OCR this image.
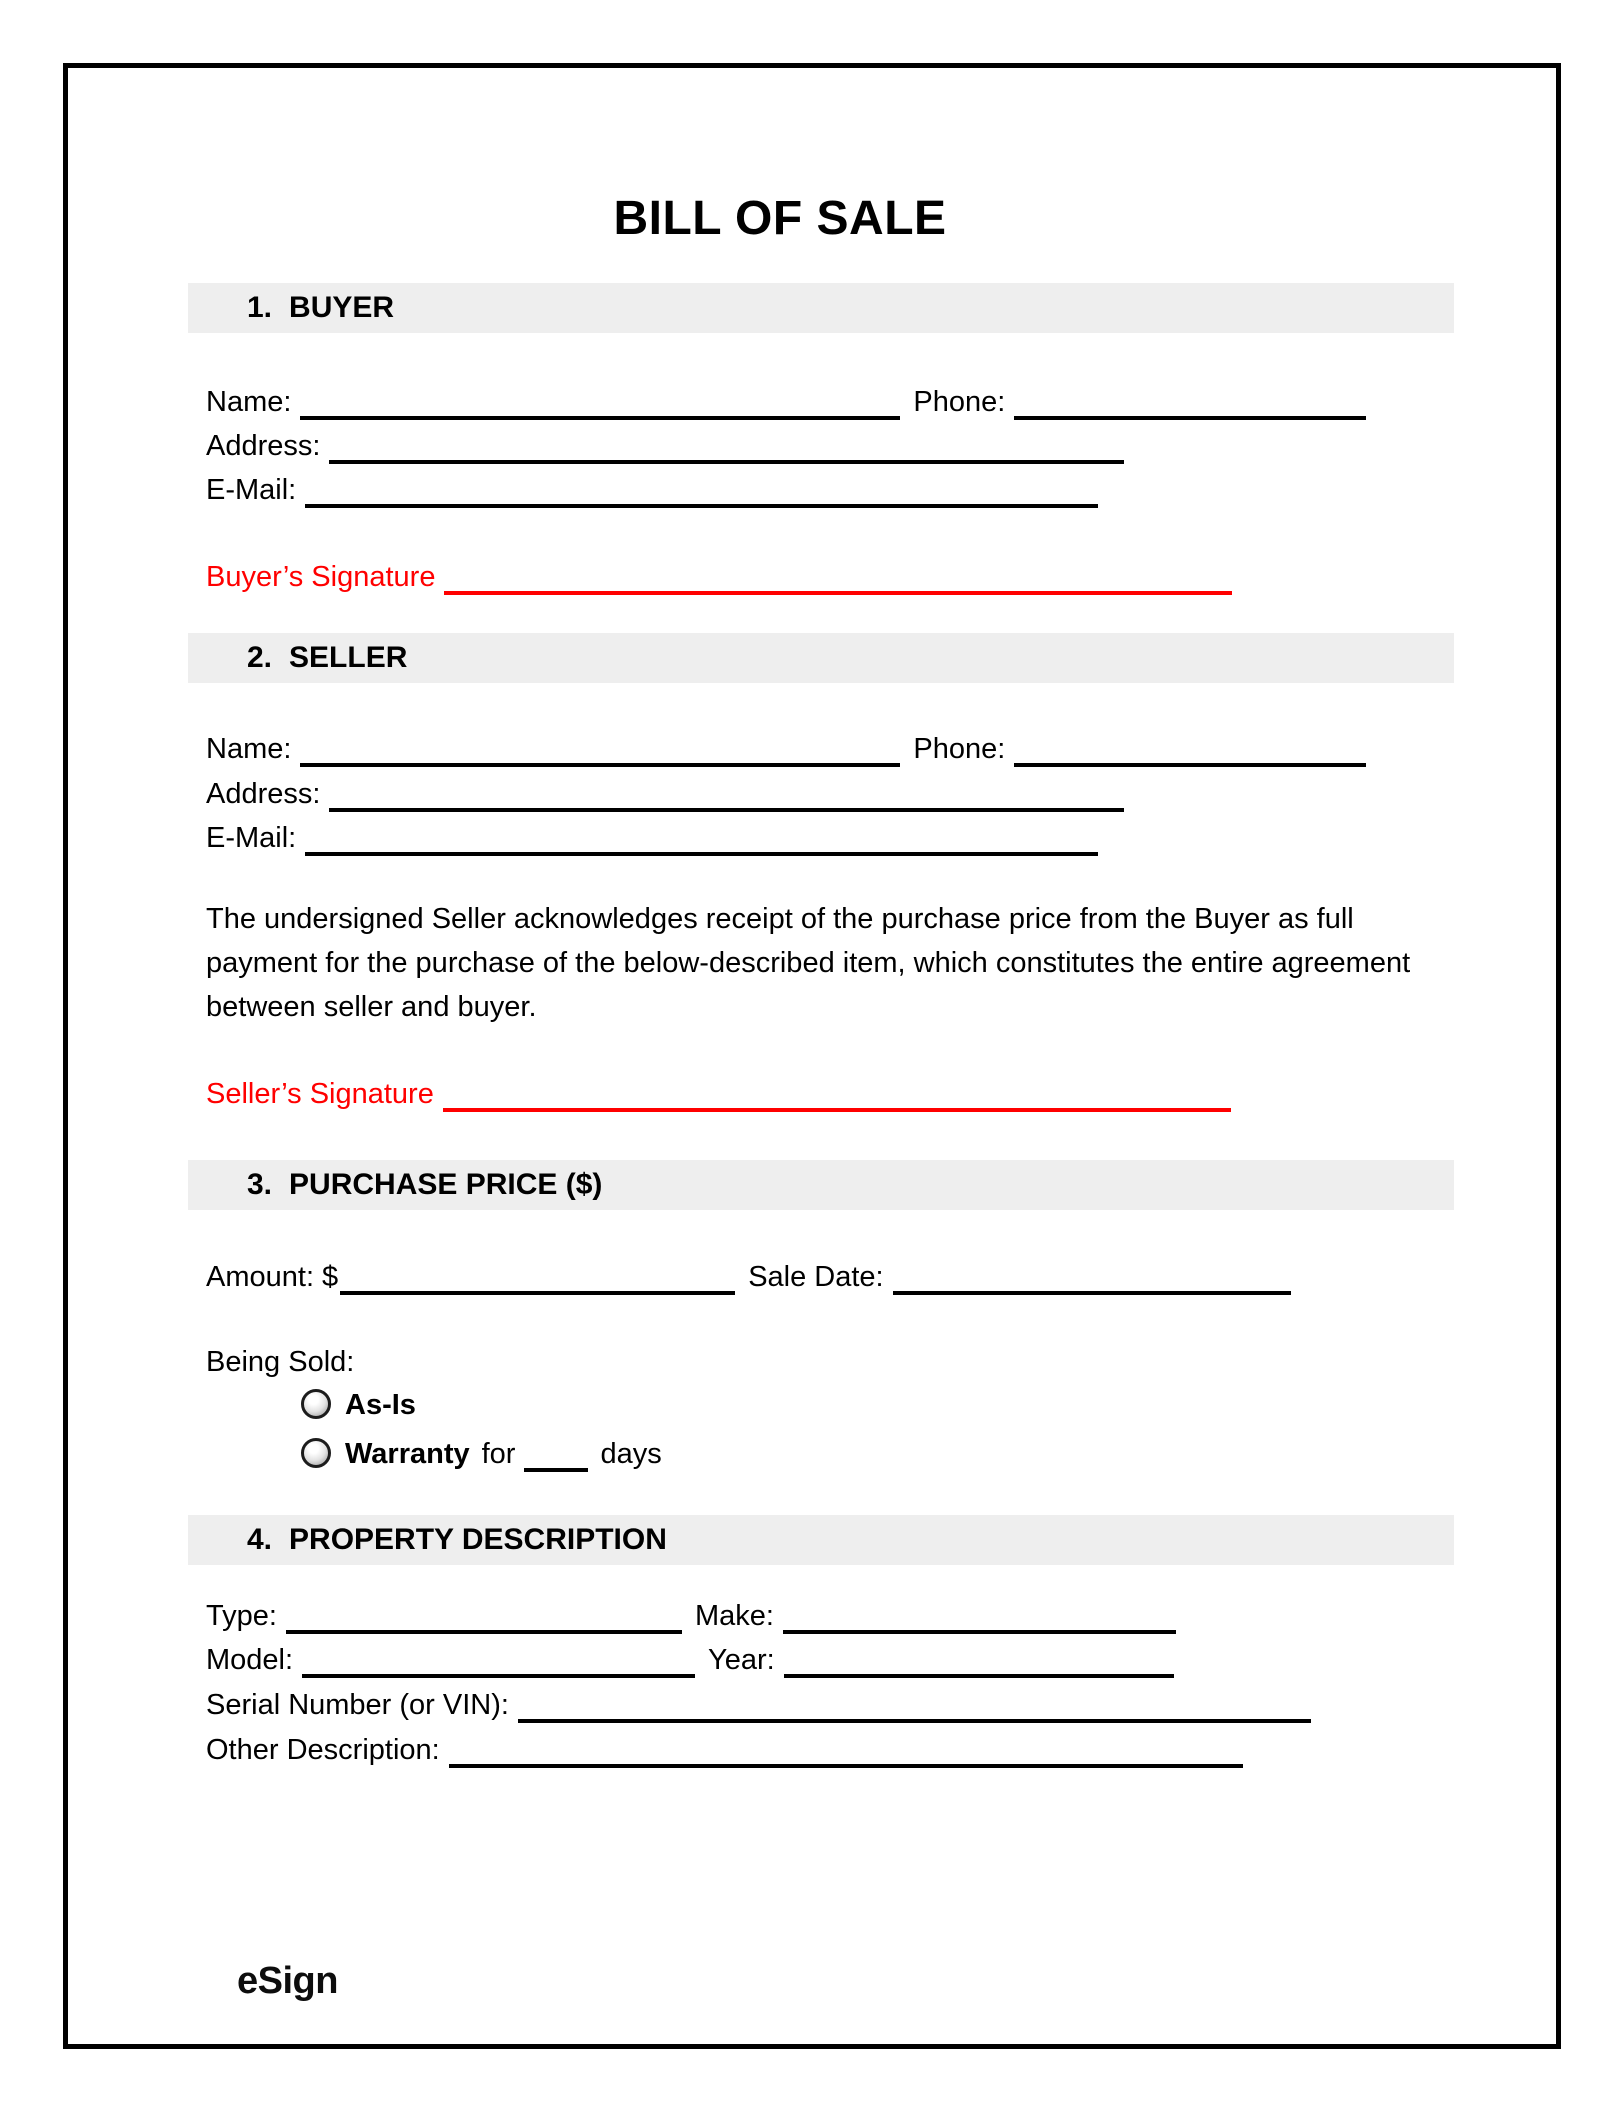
BILL OF SALE
1. BUYER
Name:	Phone:
Address:
E-Mail:
Buyer’s Signature
2. SELLER
Name:	Phone:
Address:
E-Mail:
The undersigned Seller acknowledges receipt of the purchase price from the Buyer as full payment for the purchase of the below-described item, which constitutes the entire agreement between seller and buyer.
Seller’s Signature
3. PURCHASE PRICE ($)
Amount: $	Sale Date:
Being Sold:
As-Is
Warranty for	days
4. PROPERTY DESCRIPTION
Type:	Make:
Model:	Year:
Serial Number (or VIN):
Other Description:
eSign
